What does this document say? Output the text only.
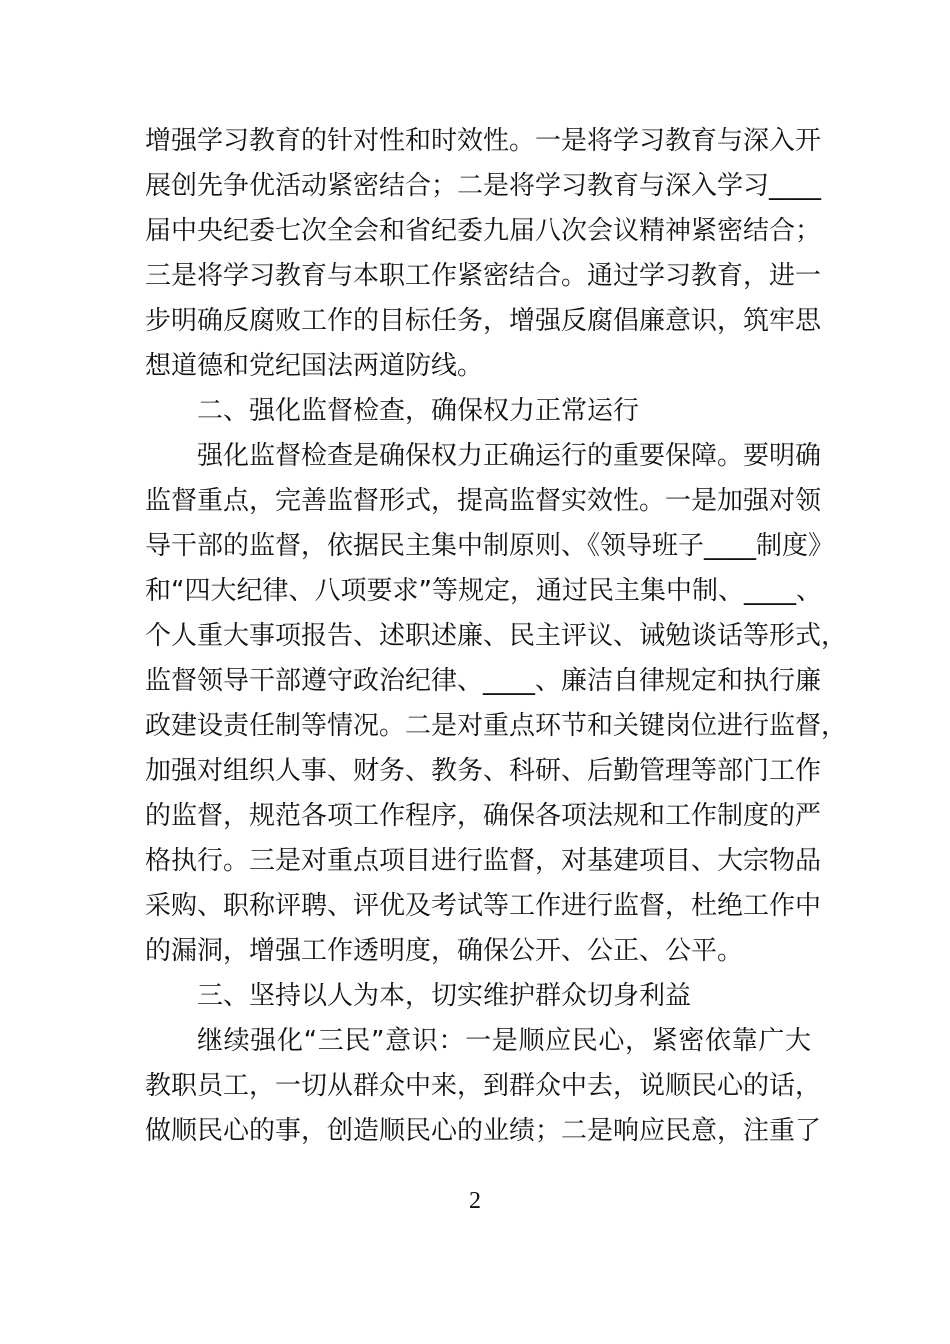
增强学习教育的针对性和时效性。一是将学习教育与深入开
展创先争优活动紧密结合；二是将学习教育与深入学习____
届中央纪委七次全会和省纪委九届八次会议精神紧密结合；
三是将学习教育与本职工作紧密结合。通过学习教育，进一
步明确反腐败工作的目标任务，增强反腐倡廉意识，筑牢思
想道德和党纪国法两道防线。
二、强化监督检查，确保权力正常运行
强化监督检查是确保权力正确运行的重要保障。要明确
监督重点，完善监督形式，提高监督实效性。一是加强对领
导干部的监督，依据民主集中制原则、《领导班子____制度》
和“四大纪律、八项要求”等规定，通过民主集中制、____、
个人重大事项报告、述职述廉、民主评议、诫勉谈话等形式，
监督领导干部遵守政治纪律、____、廉洁自律规定和执行廉
政建设责任制等情况。二是对重点环节和关键岗位进行监督，
加强对组织人事、财务、教务、科研、后勤管理等部门工作
的监督，规范各项工作程序，确保各项法规和工作制度的严
格执行。三是对重点项目进行监督，对基建项目、大宗物品
采购、职称评聘、评优及考试等工作进行监督，杜绝工作中
的漏洞，增强工作透明度，确保公开、公正、公平。
三、坚持以人为本，切实维护群众切身利益
继续强化“三民”意识：一是顺应民心，紧密依靠广大
教职员工，一切从群众中来，到群众中去，说顺民心的话，
做顺民心的事，创造顺民心的业绩；二是响应民意，注重了
2
